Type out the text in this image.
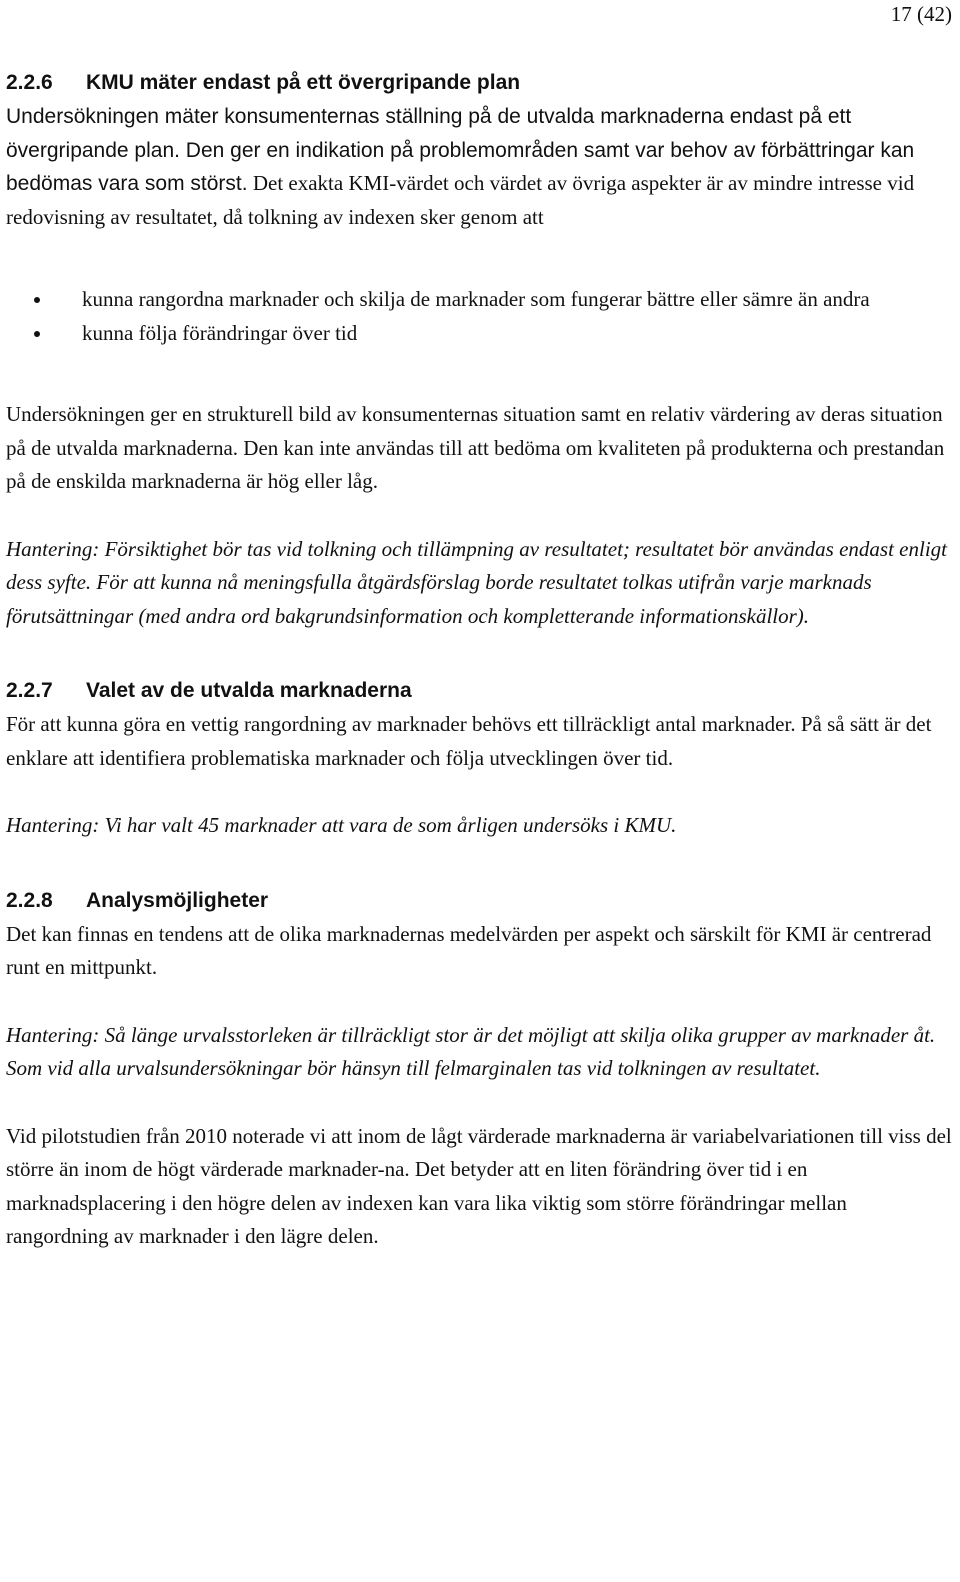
17 (42)
2.2.6 KMU mäter endast på ett övergripande plan

Undersökningen mäter konsumenternas ställning på de utvalda marknaderna endast på ett övergripande plan. Den ger en indikation på problemområden samt var behov av förbättringar kan bedömas vara som störst. Det exakta KMI-värdet och värdet av övriga aspekter är av mindre intresse vid redovisning av resultatet, då tolkning av indexen sker genom att

kunna rangordna marknader och skilja de marknader som fungerar bättre eller sämre än andra
kunna följa förändringar över tid

Undersökningen ger en strukturell bild av konsumenternas situation samt en relativ värdering av deras situation på de utvalda marknaderna. Den kan inte användas till att bedöma om kvaliteten på produkterna och prestandan på de enskilda marknaderna är hög eller låg.

Hantering: Försiktighet bör tas vid tolkning och tillämpning av resultatet; resultatet bör användas endast enligt dess syfte. För att kunna nå meningsfulla åtgärdsförslag borde resultatet tolkas utifrån varje marknads förutsättningar (med andra ord bakgrundsinformation och kompletterande informationskällor).

2.2.7 Valet av de utvalda marknaderna

För att kunna göra en vettig rangordning av marknader behövs ett tillräckligt antal marknader. På så sätt är det enklare att identifiera problematiska marknader och följa utvecklingen över tid.

Hantering: Vi har valt 45 marknader att vara de som årligen undersöks i KMU.

2.2.8 Analysmöjligheter

Det kan finnas en tendens att de olika marknadernas medelvärden per aspekt och särskilt för KMI är centrerad runt en mittpunkt.

Hantering: Så länge urvalsstorleken är tillräckligt stor är det möjligt att skilja olika grupper av marknader åt. Som vid alla urvalsundersökningar bör hänsyn till felmarginalen tas vid tolkningen av resultatet.

Vid pilotstudien från 2010 noterade vi att inom de lågt värderade marknaderna är variabelvariationen till viss del större än inom de högt värderade marknader-na. Det betyder att en liten förändring över tid i en marknadsplacering i den högre delen av indexen kan vara lika viktig som större förändringar mellan rangordning av marknader i den lägre delen.
